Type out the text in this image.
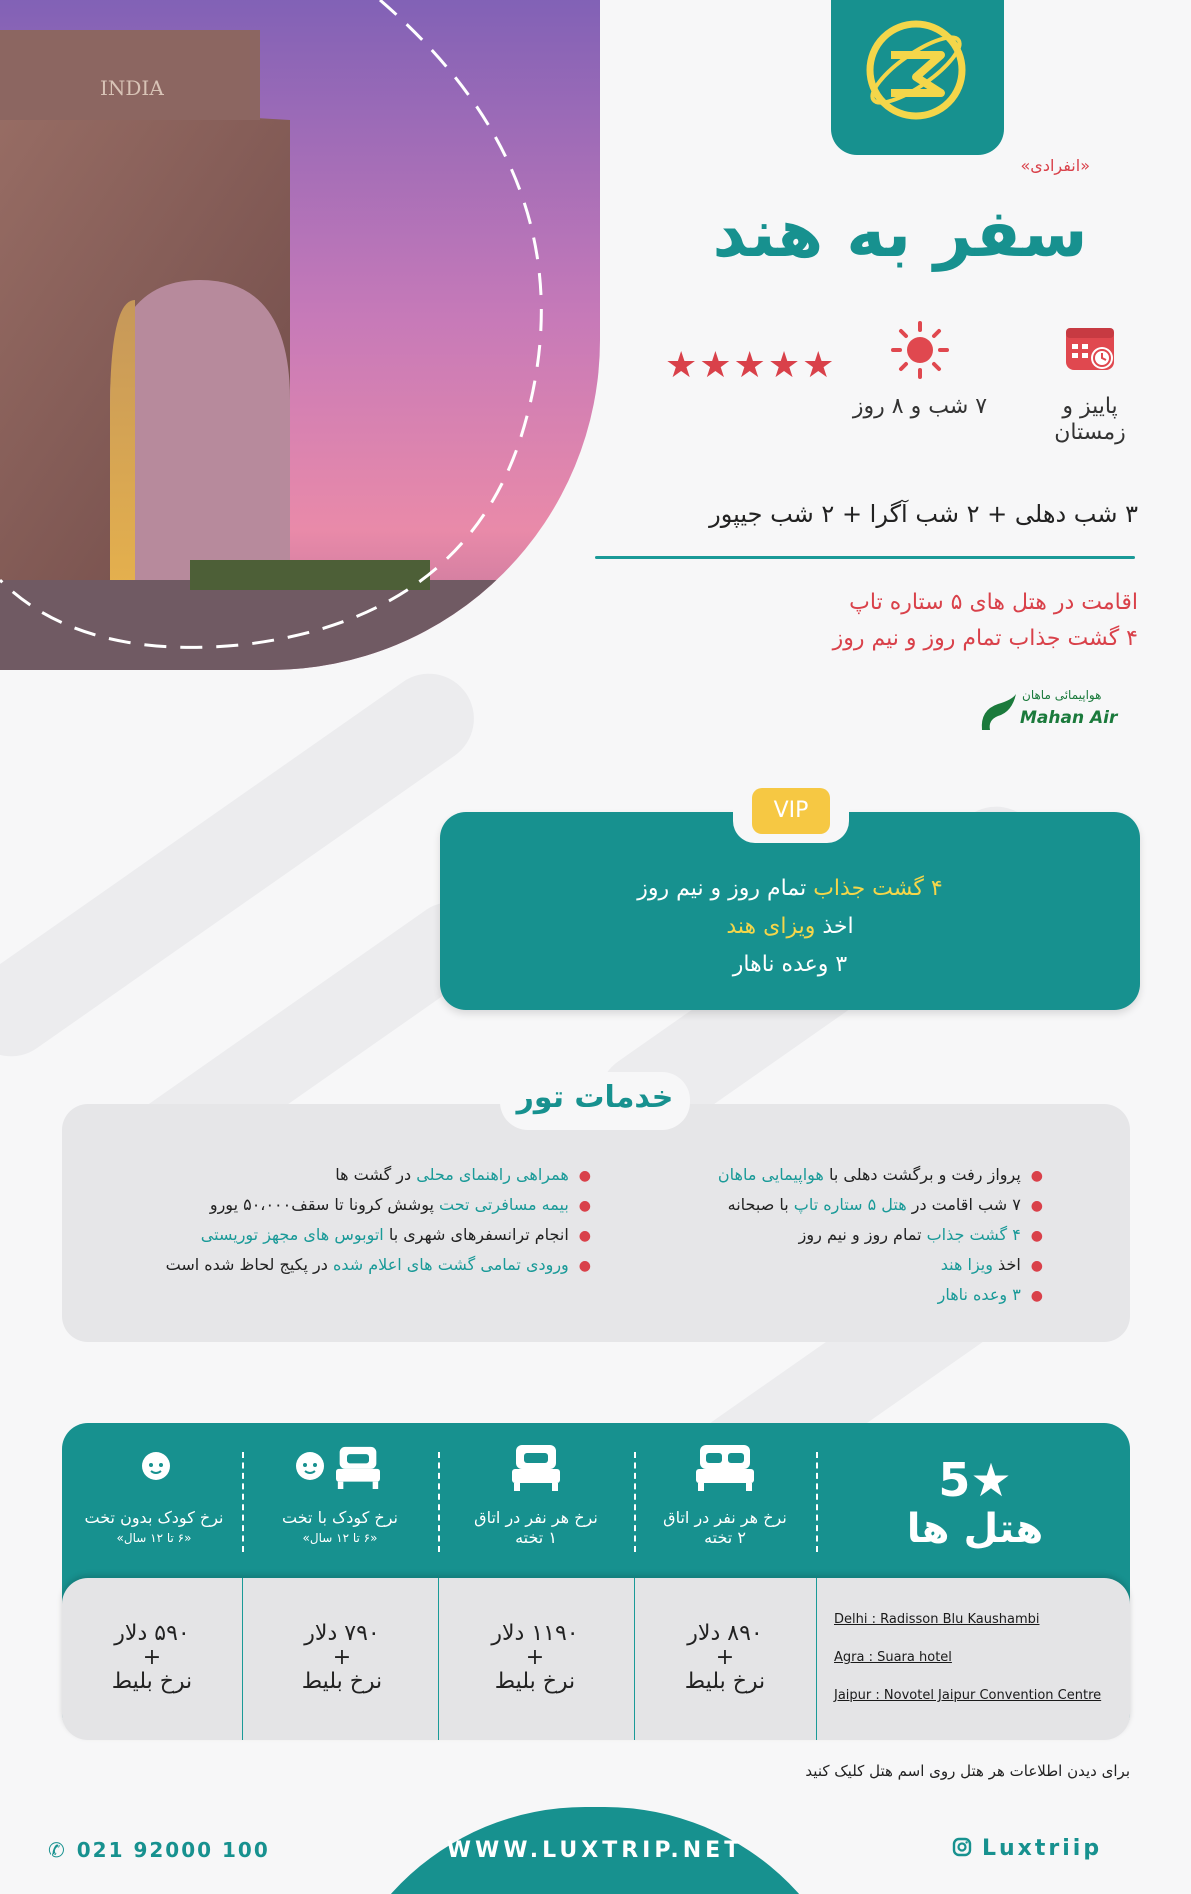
INDIA
«انفرادی»
سفر به هند
پاییز و زمستان
۷ شب و ۸ روز
★★★★★
۳ شب دهلی + ۲ شب آگرا + ۲ شب جیپور
اقامت در هتل های ۵ ستاره تاپ
۴ گشت جذاب تمام روز و نیم روز
هواپیمائی ماهان
Mahan Air
VIP
۴ گشت جذاب تمام روز و نیم روز
اخذ ویزای هند
۳ وعده ناهار
خدمات تور
●پرواز رفت و برگشت دهلی با هواپیمایی ماهان
●۷ شب اقامت در هتل ۵ ستاره تاپ با صبحانه
●۴ گشت جذاب تمام روز و نیم روز
●اخذ ویزا هند
●۳ وعده ناهار
●همراهی راهنمای محلی در گشت ها
●بیمه مسافرتی تحت پوشش کرونا تا سقف۵۰،۰۰۰ یورو
●انجام ترانسفرهای شهری با اتوبوس های مجهز توریستی
●ورودی تمامی گشت های اعلام شده در پکیج لحاظ شده است
5★
هتل ها
نرخ هر نفر در اتاق
۲ تخته
نرخ هر نفر در اتاق
۱ تخته
نرخ کودک با تخت
«۶ تا ۱۲ سال»
نرخ کودک بدون تخت
«۶ تا ۱۲ سال»
Delhi : Radisson Blu Kaushambi
Agra : Suara hotel
Jaipur : Novotel Jaipur Convention Centre
۸۹۰ دلار
+
نرخ بلیط
۱۱۹۰ دلار
+
نرخ بلیط
۷۹۰ دلار
+
نرخ بلیط
۵۹۰ دلار
+
نرخ بلیط
برای دیدن اطلاعات هر هتل روی اسم هتل کلیک کنید
WWW.LUXTRIP.NET
✆ 021 92000 100	Luxtriip
